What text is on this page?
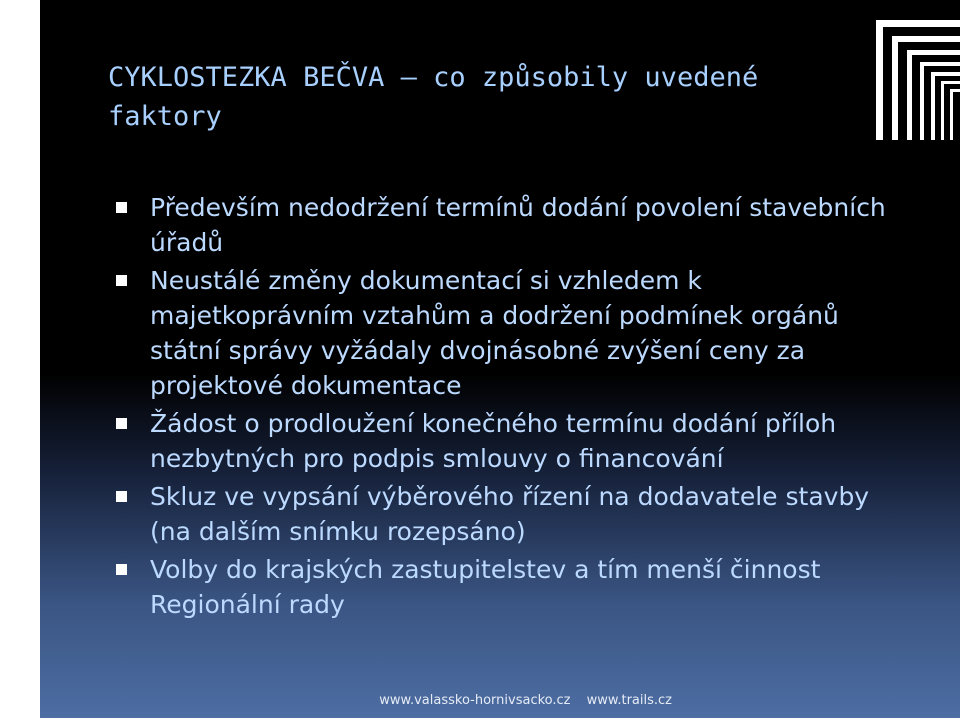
CYKLOSTEZKA BEČVA – co způsobily uvedené faktory
Především nedodržení termínů dodání povolení stavebních úřadů
Neustálé změny dokumentací si vzhledem k majetkoprávním vztahům a dodržení podmínek orgánů státní správy vyžádaly dvojnásobné zvýšení ceny za projektové dokumentace
Žádost o prodloužení konečného termínu dodání příloh nezbytných pro podpis smlouvy o financování
Skluz ve vypsání výběrového řízení na dodavatele stavby (na dalším snímku rozepsáno)
Volby do krajských zastupitelstev a tím menší činnost Regionální rady
www.valassko-hornivsacko.cz www.trails.cz
